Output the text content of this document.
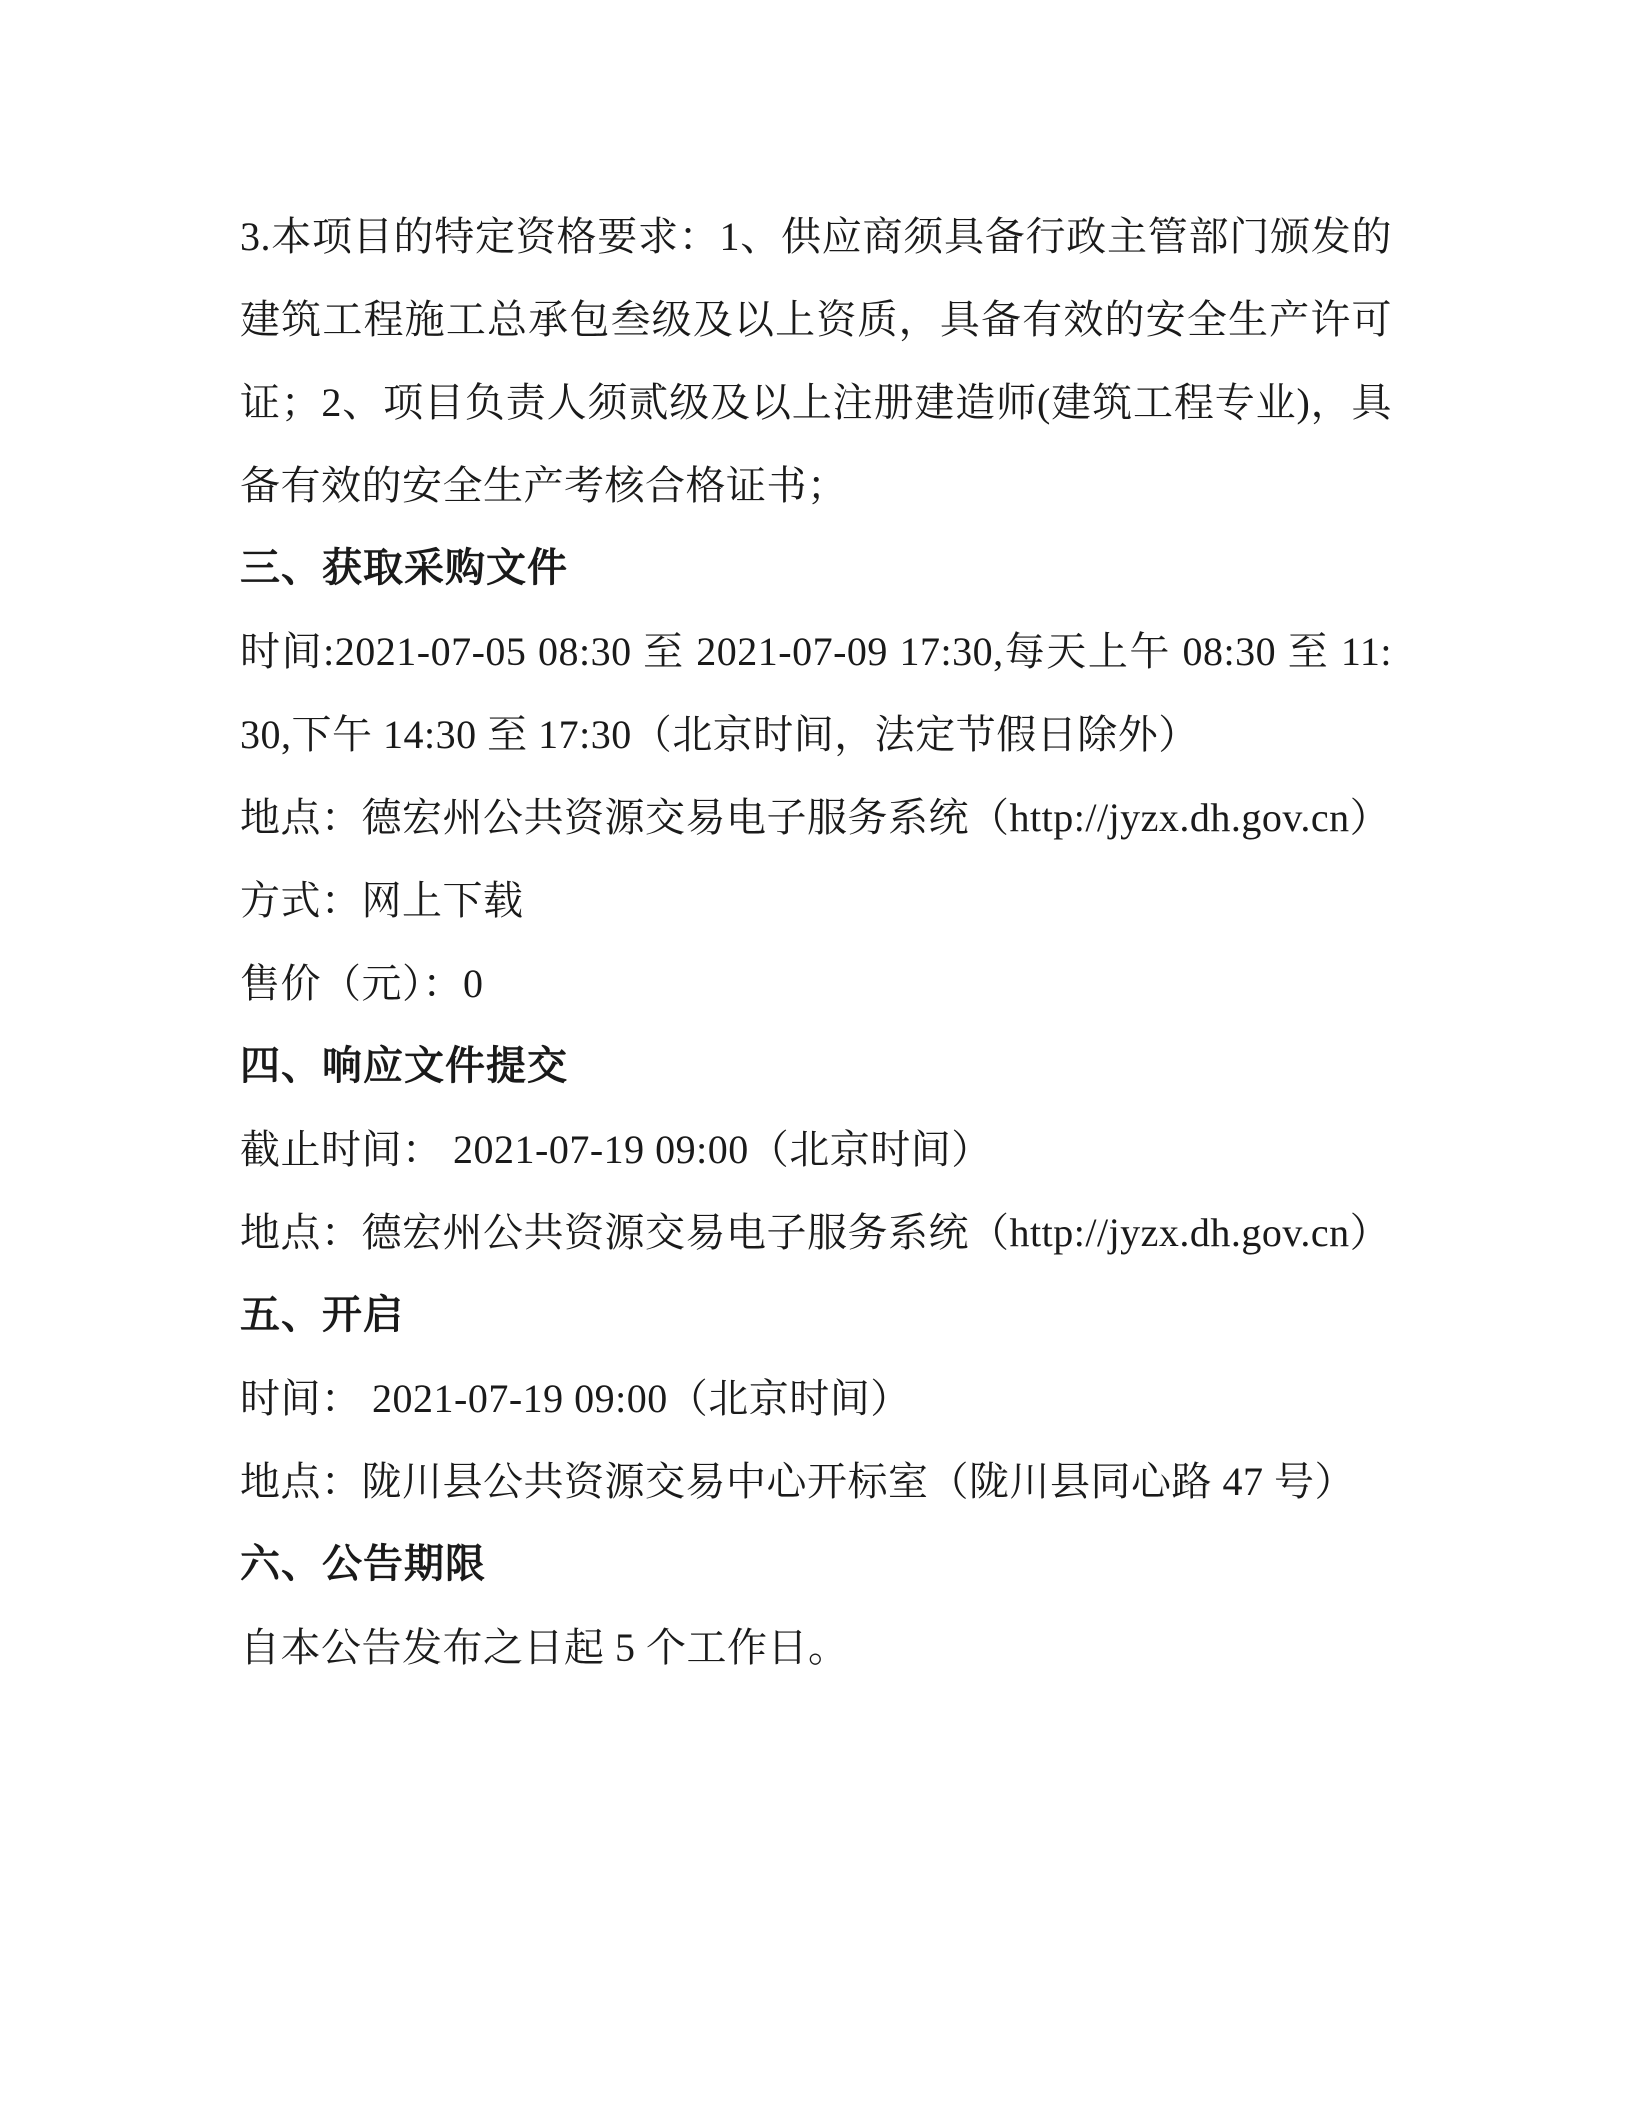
3.本项目的特定资格要求：1、供应商须具备行政主管部门颁发的建筑工程施工总承包叁级及以上资质，具备有效的安全生产许可证；2、项目负责人须贰级及以上注册建造师(建筑工程专业)，具备有效的安全生产考核合格证书；

三、获取采购文件

时间:2021-07-05 08:30 至 2021-07-09 17:30,每天上午 08:30 至 11:30,下午 14:30 至 17:30（北京时间，法定节假日除外）

地点：德宏州公共资源交易电子服务系统（http://jyzx.dh.gov.cn）

方式：网上下载

售价（元）：0

四、响应文件提交

截止时间： 2021-07-19 09:00（北京时间）

地点：德宏州公共资源交易电子服务系统（http://jyzx.dh.gov.cn）

五、开启

时间： 2021-07-19 09:00（北京时间）

地点：陇川县公共资源交易中心开标室（陇川县同心路 47 号）

六、公告期限

自本公告发布之日起 5 个工作日。
